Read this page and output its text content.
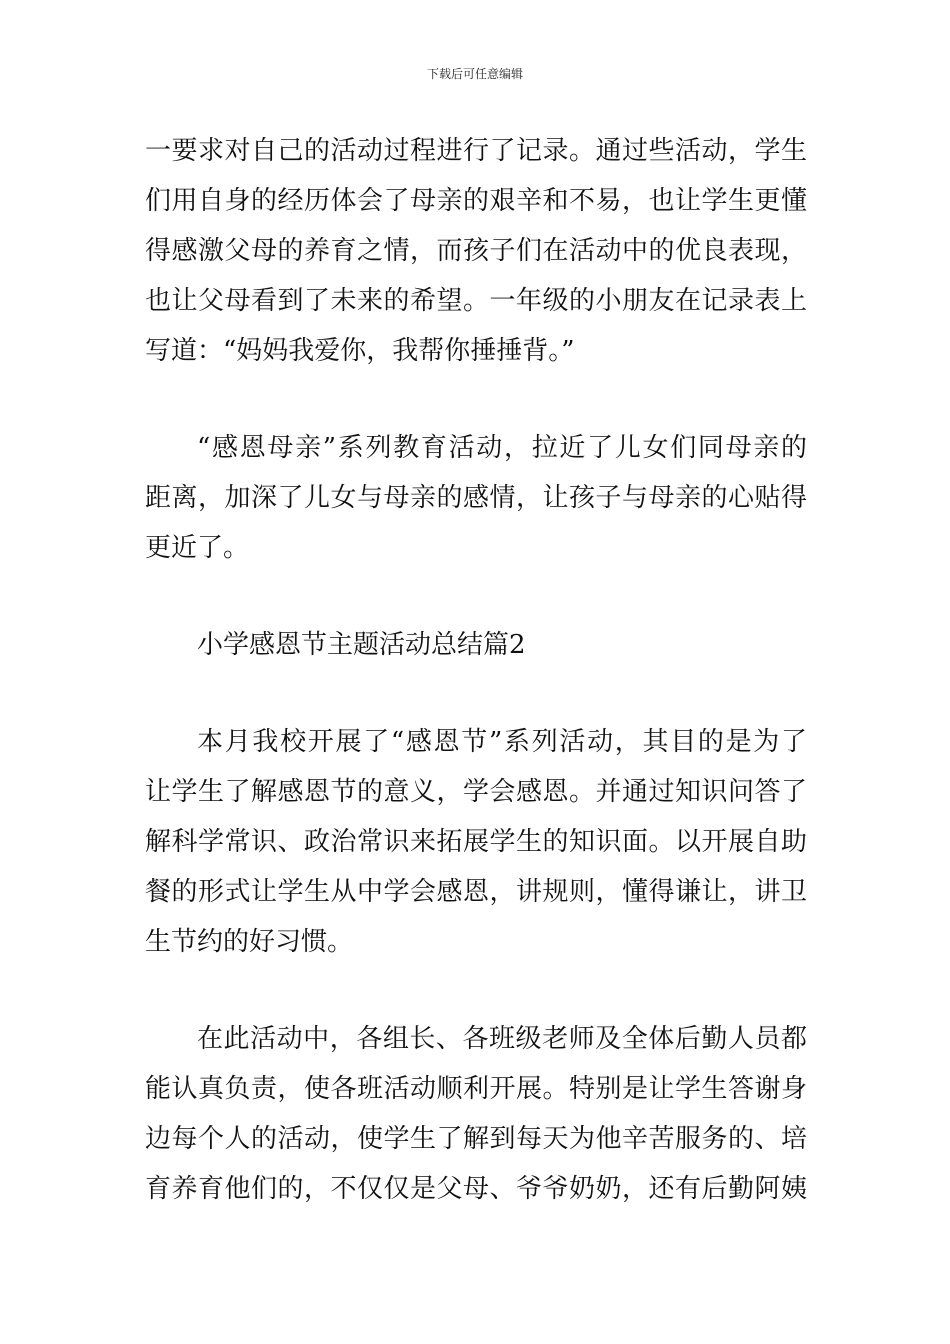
下载后可任意编辑
一要求对自己的活动过程进行了记录。通过些活动，学生
们用自身的经历体会了母亲的艰辛和不易，也让学生更懂
得感激父母的养育之情，而孩子们在活动中的优良表现，
也让父母看到了未来的希望。一年级的小朋友在记录表上
写道：“妈妈我爱你，我帮你捶捶背。”
“感恩母亲”系列教育活动，拉近了儿女们同母亲的
距离，加深了儿女与母亲的感情，让孩子与母亲的心贴得
更近了。
小学感恩节主题活动总结篇2
本月我校开展了“感恩节”系列活动，其目的是为了
让学生了解感恩节的意义，学会感恩。并通过知识问答了
解科学常识、政治常识来拓展学生的知识面。以开展自助
餐的形式让学生从中学会感恩，讲规则，懂得谦让，讲卫
生节约的好习惯。
在此活动中，各组长、各班级老师及全体后勤人员都
能认真负责，使各班活动顺利开展。特别是让学生答谢身
边每个人的活动，使学生了解到每天为他辛苦服务的、培
育养育他们的，不仅仅是父母、爷爷奶奶，还有后勤阿姨
